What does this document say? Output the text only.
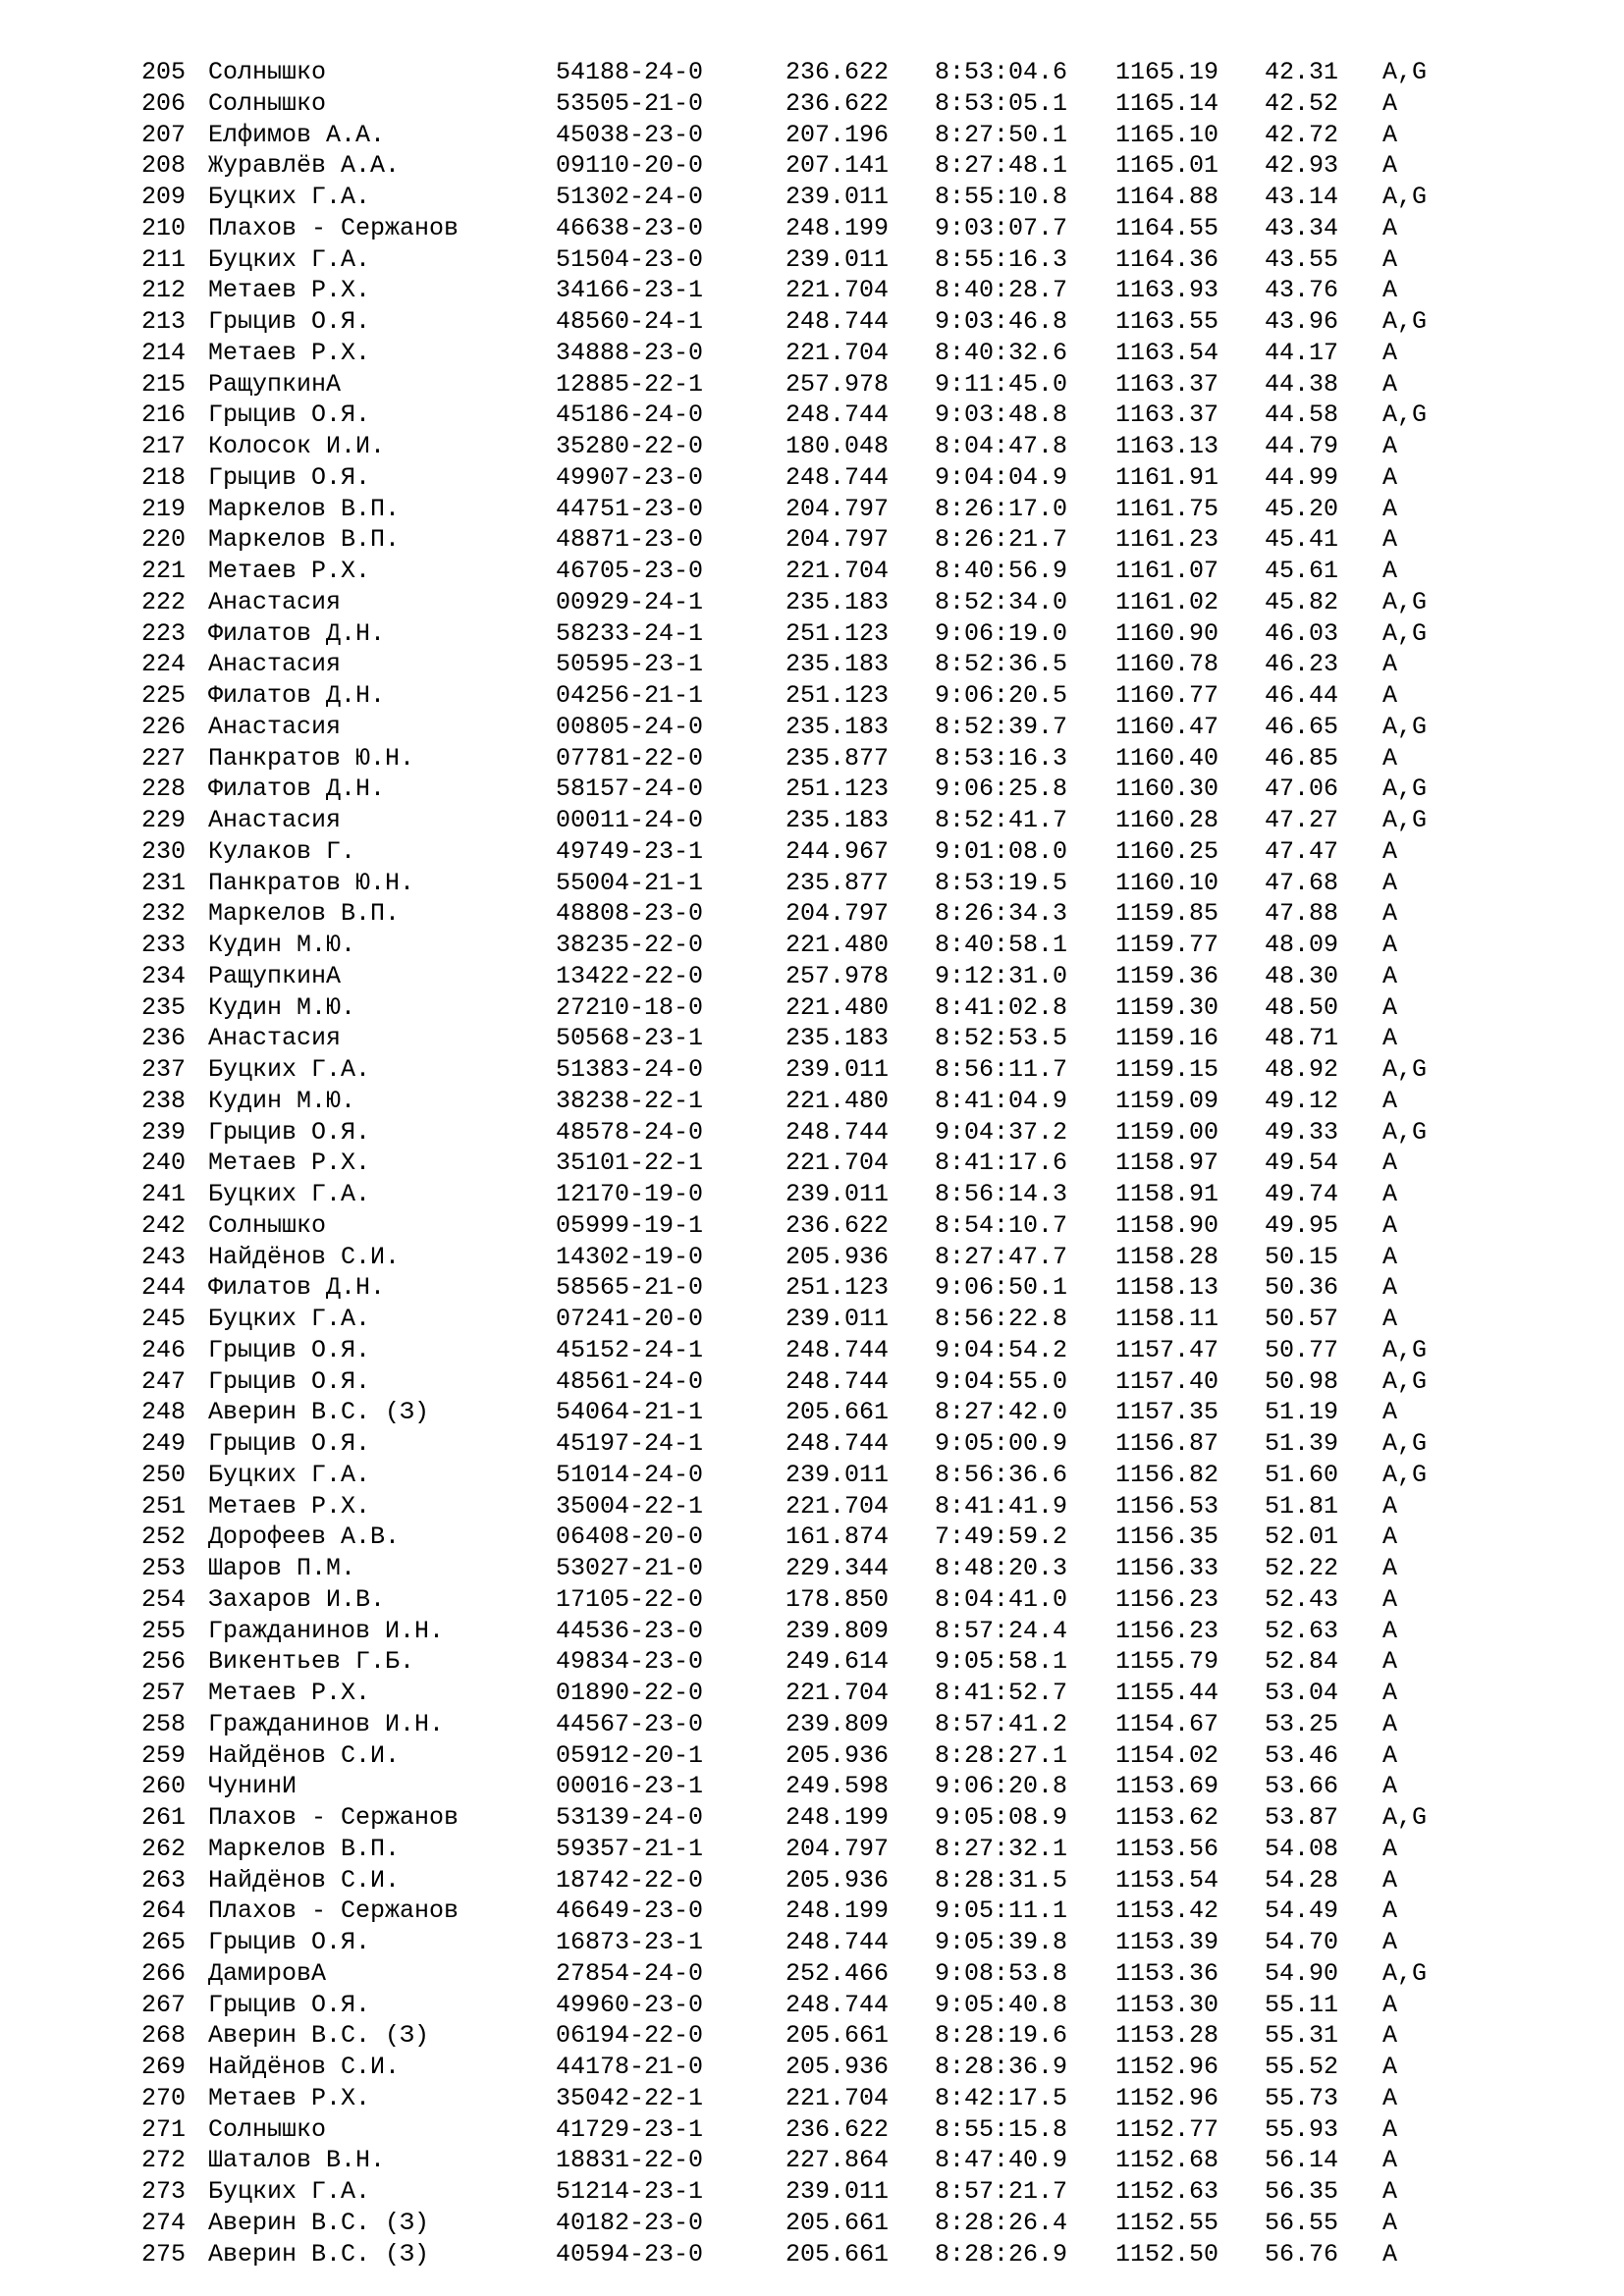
205 Солнышко	54188-24-0	236.622	8:53:04.6	1165.19	42.31	A,G
206 Солнышко	53505-21-0	236.622	8:53:05.1	1165.14	42.52	A
207 Елфимов А.А.	45038-23-0	207.196	8:27:50.1	1165.10	42.72	A
208 Журавлёв А.А.	09110-20-0	207.141	8:27:48.1	1165.01	42.93	A
209 Буцких Г.А.	51302-24-0	239.011	8:55:10.8	1164.88	43.14	A,G
210 Плахов - Сержанов	46638-23-0	248.199	9:03:07.7	1164.55	43.34	A
211 Буцких Г.А.	51504-23-0	239.011	8:55:16.3	1164.36	43.55	A
212 Метаев Р.Х.	34166-23-1	221.704	8:40:28.7	1163.93	43.76	A
213 Грыцив О.Я.	48560-24-1	248.744	9:03:46.8	1163.55	43.96	A,G
214 Метаев Р.Х.	34888-23-0	221.704	8:40:32.6	1163.54	44.17	A
215 РащупкинА	12885-22-1	257.978	9:11:45.0	1163.37	44.38	A
216 Грыцив О.Я.	45186-24-0	248.744	9:03:48.8	1163.37	44.58	A,G
217 Колосок И.И.	35280-22-0	180.048	8:04:47.8	1163.13	44.79	A
218 Грыцив О.Я.	49907-23-0	248.744	9:04:04.9	1161.91	44.99	A
219 Маркелов В.П.	44751-23-0	204.797	8:26:17.0	1161.75	45.20	A
220 Маркелов В.П.	48871-23-0	204.797	8:26:21.7	1161.23	45.41	A
221 Метаев Р.Х.	46705-23-0	221.704	8:40:56.9	1161.07	45.61	A
222 Анастасия	00929-24-1	235.183	8:52:34.0	1161.02	45.82	A,G
223 Филатов Д.Н.	58233-24-1	251.123	9:06:19.0	1160.90	46.03	A,G
224 Анастасия	50595-23-1	235.183	8:52:36.5	1160.78	46.23	A
225 Филатов Д.Н.	04256-21-1	251.123	9:06:20.5	1160.77	46.44	A
226 Анастасия	00805-24-0	235.183	8:52:39.7	1160.47	46.65	A,G
227 Панкратов Ю.Н.	07781-22-0	235.877	8:53:16.3	1160.40	46.85	A
228 Филатов Д.Н.	58157-24-0	251.123	9:06:25.8	1160.30	47.06	A,G
229 Анастасия	00011-24-0	235.183	8:52:41.7	1160.28	47.27	A,G
230 Кулаков Г.	49749-23-1	244.967	9:01:08.0	1160.25	47.47	A
231 Панкратов Ю.Н.	55004-21-1	235.877	8:53:19.5	1160.10	47.68	A
232 Маркелов В.П.	48808-23-0	204.797	8:26:34.3	1159.85	47.88	A
233 Кудин М.Ю.	38235-22-0	221.480	8:40:58.1	1159.77	48.09	A
234 РащупкинА	13422-22-0	257.978	9:12:31.0	1159.36	48.30	A
235 Кудин М.Ю.	27210-18-0	221.480	8:41:02.8	1159.30	48.50	A
236 Анастасия	50568-23-1	235.183	8:52:53.5	1159.16	48.71	A
237 Буцких Г.А.	51383-24-0	239.011	8:56:11.7	1159.15	48.92	A,G
238 Кудин М.Ю.	38238-22-1	221.480	8:41:04.9	1159.09	49.12	A
239 Грыцив О.Я.	48578-24-0	248.744	9:04:37.2	1159.00	49.33	A,G
240 Метаев Р.Х.	35101-22-1	221.704	8:41:17.6	1158.97	49.54	A
241 Буцких Г.А.	12170-19-0	239.011	8:56:14.3	1158.91	49.74	A
242 Солнышко	05999-19-1	236.622	8:54:10.7	1158.90	49.95	A
243 Найдёнов С.И.	14302-19-0	205.936	8:27:47.7	1158.28	50.15	A
244 Филатов Д.Н.	58565-21-0	251.123	9:06:50.1	1158.13	50.36	A
245 Буцких Г.А.	07241-20-0	239.011	8:56:22.8	1158.11	50.57	A
246 Грыцив О.Я.	45152-24-1	248.744	9:04:54.2	1157.47	50.77	A,G
247 Грыцив О.Я.	48561-24-0	248.744	9:04:55.0	1157.40	50.98	A,G
248 Аверин В.С. (З)	54064-21-1	205.661	8:27:42.0	1157.35	51.19	A
249 Грыцив О.Я.	45197-24-1	248.744	9:05:00.9	1156.87	51.39	A,G
250 Буцких Г.А.	51014-24-0	239.011	8:56:36.6	1156.82	51.60	A,G
251 Метаев Р.Х.	35004-22-1	221.704	8:41:41.9	1156.53	51.81	A
252 Дорофеев А.В.	06408-20-0	161.874	7:49:59.2	1156.35	52.01	A
253 Шаров П.М.	53027-21-0	229.344	8:48:20.3	1156.33	52.22	A
254 Захаров И.В.	17105-22-0	178.850	8:04:41.0	1156.23	52.43	A
255 Гражданинов И.Н.	44536-23-0	239.809	8:57:24.4	1156.23	52.63	A
256 Викентьев Г.Б.	49834-23-0	249.614	9:05:58.1	1155.79	52.84	A
257 Метаев Р.Х.	01890-22-0	221.704	8:41:52.7	1155.44	53.04	A
258 Гражданинов И.Н.	44567-23-0	239.809	8:57:41.2	1154.67	53.25	A
259 Найдёнов С.И.	05912-20-1	205.936	8:28:27.1	1154.02	53.46	A
260 ЧунинИ	00016-23-1	249.598	9:06:20.8	1153.69	53.66	A
261 Плахов - Сержанов	53139-24-0	248.199	9:05:08.9	1153.62	53.87	A,G
262 Маркелов В.П.	59357-21-1	204.797	8:27:32.1	1153.56	54.08	A
263 Найдёнов С.И.	18742-22-0	205.936	8:28:31.5	1153.54	54.28	A
264 Плахов - Сержанов	46649-23-0	248.199	9:05:11.1	1153.42	54.49	A
265 Грыцив О.Я.	16873-23-1	248.744	9:05:39.8	1153.39	54.70	A
266 ДамировА	27854-24-0	252.466	9:08:53.8	1153.36	54.90	A,G
267 Грыцив О.Я.	49960-23-0	248.744	9:05:40.8	1153.30	55.11	A
268 Аверин В.С. (З)	06194-22-0	205.661	8:28:19.6	1153.28	55.31	A
269 Найдёнов С.И.	44178-21-0	205.936	8:28:36.9	1152.96	55.52	A
270 Метаев Р.Х.	35042-22-1	221.704	8:42:17.5	1152.96	55.73	A
271 Солнышко	41729-23-1	236.622	8:55:15.8	1152.77	55.93	A
272 Шаталов В.Н.	18831-22-0	227.864	8:47:40.9	1152.68	56.14	A
273 Буцких Г.А.	51214-23-1	239.011	8:57:21.7	1152.63	56.35	A
274 Аверин В.С. (З)	40182-23-0	205.661	8:28:26.4	1152.55	56.55	A
275 Аверин В.С. (З)	40594-23-0	205.661	8:28:26.9	1152.50	56.76	A
